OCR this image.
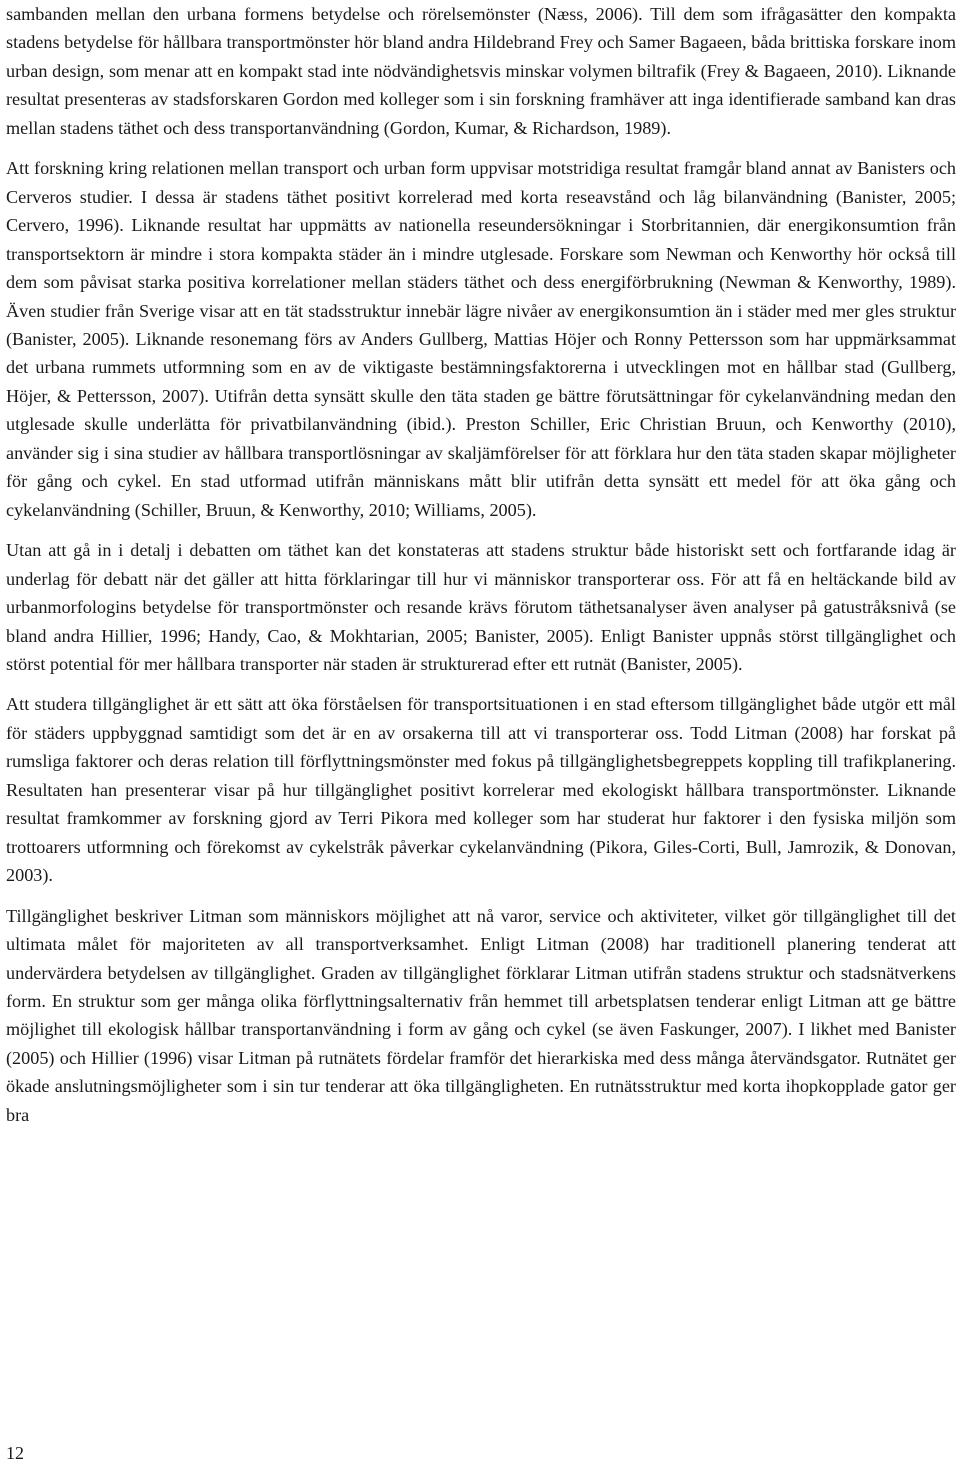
sambanden mellan den urbana formens betydelse och rörelsemönster (Næss, 2006). Till dem som ifrågasätter den kompakta stadens betydelse för hållbara transportmönster hör bland andra Hildebrand Frey och Samer Bagaeen, båda brittiska forskare inom urban design, som menar att en kompakt stad inte nödvändighetsvis minskar volymen biltrafik (Frey & Bagaeen, 2010). Liknande resultat presenteras av stadsforskaren Gordon med kolleger som i sin forskning framhäver att inga identifierade samband kan dras mellan stadens täthet och dess transportanvändning (Gordon, Kumar, & Richardson, 1989).

Att forskning kring relationen mellan transport och urban form uppvisar motstridiga resultat framgår bland annat av Banisters och Cerveros studier. I dessa är stadens täthet positivt korrelerad med korta reseavstånd och låg bilanvändning (Banister, 2005; Cervero, 1996). Liknande resultat har uppmätts av nationella reseundersökningar i Storbritannien, där energikonsumtion från transportsektorn är mindre i stora kompakta städer än i mindre utglesade. Forskare som Newman och Kenworthy hör också till dem som påvisat starka positiva korrelationer mellan städers täthet och dess energiförbrukning (Newman & Kenworthy, 1989). Även studier från Sverige visar att en tät stadsstruktur innebär lägre nivåer av energikonsumtion än i städer med mer gles struktur (Banister, 2005). Liknande resonemang förs av Anders Gullberg, Mattias Höjer och Ronny Pettersson som har uppmärksammat det urbana rummets utformning som en av de viktigaste bestämningsfaktorerna i utvecklingen mot en hållbar stad (Gullberg, Höjer, & Pettersson, 2007). Utifrån detta synsätt skulle den täta staden ge bättre förutsättningar för cykelanvändning medan den utglesade skulle underlätta för privatbilanvändning (ibid.). Preston Schiller, Eric Christian Bruun, och Kenworthy (2010), använder sig i sina studier av hållbara transportlösningar av skaljämförelser för att förklara hur den täta staden skapar möjligheter för gång och cykel. En stad utformad utifrån människans mått blir utifrån detta synsätt ett medel för att öka gång och cykelanvändning (Schiller, Bruun, & Kenworthy, 2010; Williams, 2005).

Utan att gå in i detalj i debatten om täthet kan det konstateras att stadens struktur både historiskt sett och fortfarande idag är underlag för debatt när det gäller att hitta förklaringar till hur vi människor transporterar oss. För att få en heltäckande bild av urbanmorfologins betydelse för transportmönster och resande krävs förutom täthetsanalyser även analyser på gatustråksnivå (se bland andra Hillier, 1996; Handy, Cao, & Mokhtarian, 2005; Banister, 2005). Enligt Banister uppnås störst tillgänglighet och störst potential för mer hållbara transporter när staden är strukturerad efter ett rutnät (Banister, 2005).

Att studera tillgänglighet är ett sätt att öka förståelsen för transportsituationen i en stad eftersom tillgänglighet både utgör ett mål för städers uppbyggnad samtidigt som det är en av orsakerna till att vi transporterar oss. Todd Litman (2008) har forskat på rumsliga faktorer och deras relation till förflyttningsmönster med fokus på tillgänglighetsbegreppets koppling till trafikplanering. Resultaten han presenterar visar på hur tillgänglighet positivt korrelerar med ekologiskt hållbara transportmönster. Liknande resultat framkommer av forskning gjord av Terri Pikora med kolleger som har studerat hur faktorer i den fysiska miljön som trottoarers utformning och förekomst av cykelstråk påverkar cykelanvändning (Pikora, Giles-Corti, Bull, Jamrozik, & Donovan, 2003).

Tillgänglighet beskriver Litman som människors möjlighet att nå varor, service och aktiviteter, vilket gör tillgänglighet till det ultimata målet för majoriteten av all transportverksamhet. Enligt Litman (2008) har traditionell planering tenderat att undervärdera betydelsen av tillgänglighet. Graden av tillgänglighet förklarar Litman utifrån stadens struktur och stadsnätverkens form. En struktur som ger många olika förflyttningsalternativ från hemmet till arbetsplatsen tenderar enligt Litman att ge bättre möjlighet till ekologisk hållbar transportanvändning i form av gång och cykel (se även Faskunger, 2007). I likhet med Banister (2005) och Hillier (1996) visar Litman på rutnätets fördelar framför det hierarkiska med dess många återvändsgator. Rutnätet ger ökade anslutningsmöjligheter som i sin tur tenderar att öka tillgängligheten. En rutnätsstruktur med korta ihopkopplade gator ger bra

12
